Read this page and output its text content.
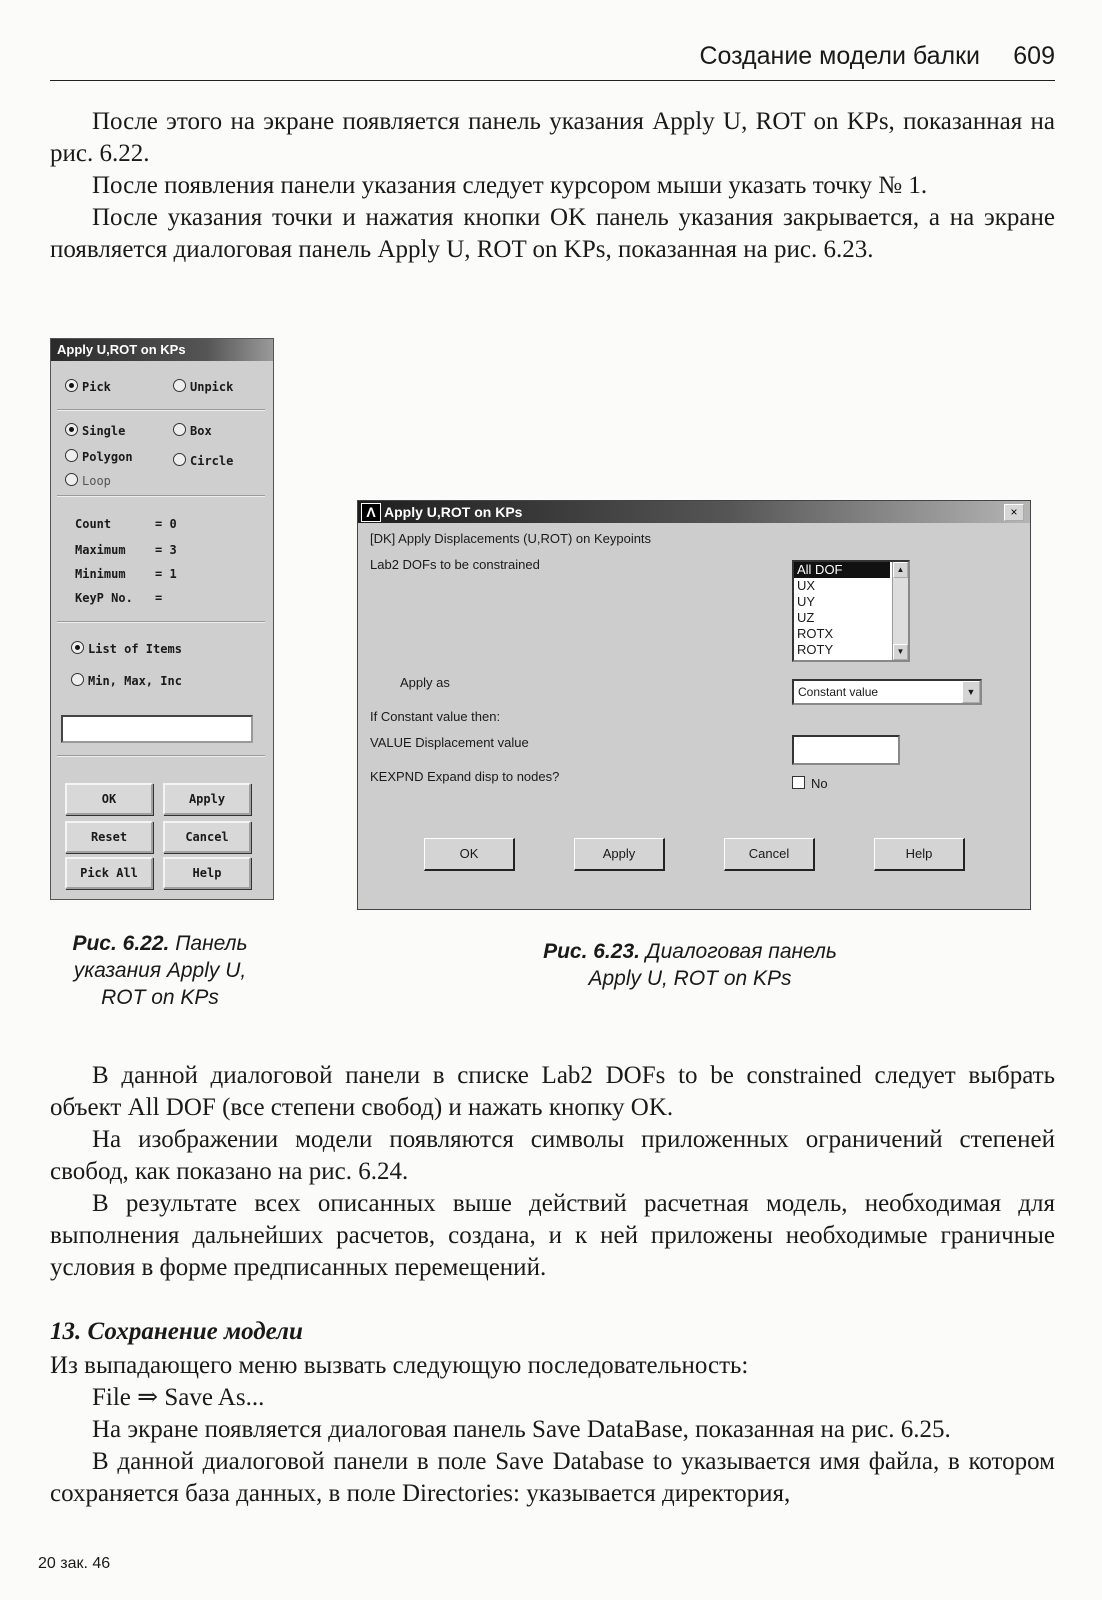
Создание модели балки 609

После этого на экране появляется панель указания Apply U, ROT on KPs, показанная на рис. 6.22.

После появления панели указания следует курсором мыши указать точку № 1.

После указания точки и нажатия кнопки OK панель указания закрывается, а на экране появляется диалоговая панель Apply U, ROT on KPs, показанная на рис. 6.23.

Apply U,ROT on KPs
Pick	Unpick
Single	Box
Polygon	Circle
Loop
Count	= 0
Maximum = 3
Minimum = 1
KeyP No. =
List of Items
Min, Max, Inc
OK	Apply
Reset	Cancel
Pick All	Help
Λ Apply U,ROT on KPs	×
[DK] Apply Displacements (U,ROT) on Keypoints
Lab2 DOFs to be constrained	All DOF
UX
UY
UZ
ROTX
ROTY
▲
▼
Apply as
Constant value	▼
If Constant value then:
VALUE Displacement value
KEXPND Expand disp to nodes?	No
OK	Apply	Cancel	Help
Рис. 6.22. Панель
указания Apply U,
ROT on KPs
Рис. 6.23. Диалоговая панель
Apply U, ROT on KPs

В данной диалоговой панели в списке Lab2 DOFs to be constrained следует выбрать объект All DOF (все степени свобод) и нажать кнопку OK.

На изображении модели появляются символы приложенных ограничений степеней свобод, как показано на рис. 6.24.

В результате всех описанных выше действий расчетная модель, необходимая для выполнения дальнейших расчетов, создана, и к ней приложены необходимые граничные условия в форме предписанных перемещений.

13. Сохранение модели

Из выпадающего меню вызвать следующую последовательность:

File ⇒ Save As...

На экране появляется диалоговая панель Save DataBase, показанная на рис. 6.25.

В данной диалоговой панели в поле Save Database to указывается имя файла, в котором сохраняется база данных, в поле Directories: указывается директория,

20 зак. 46
